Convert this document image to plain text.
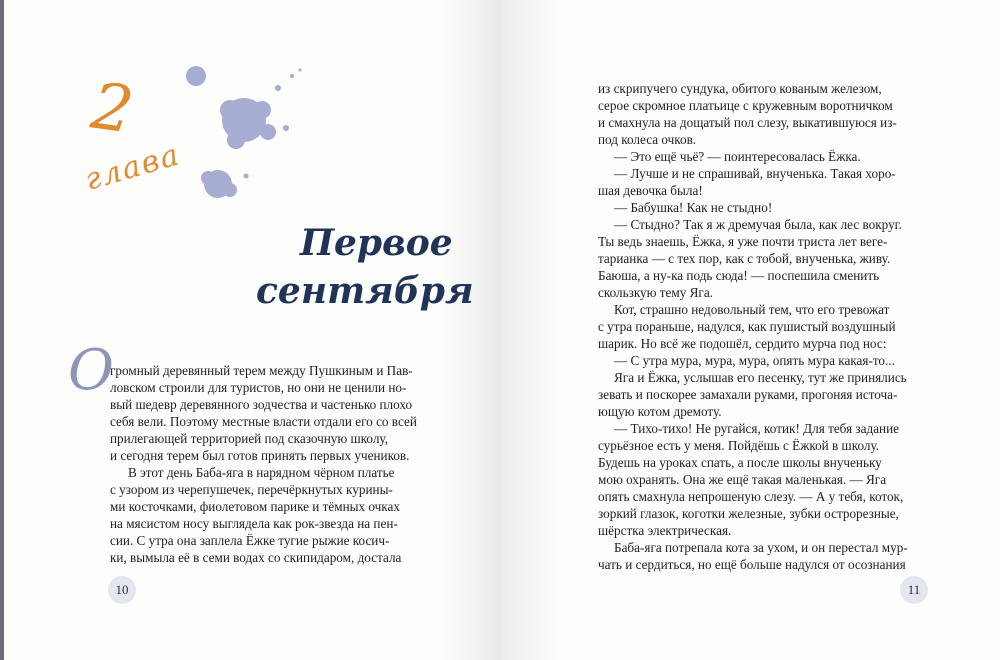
2
глава
Первое
сентября
О
громный деревянный терем между Пушкиным и Пав-
ловском строили для туристов, но они не ценили но-
вый шедевр деревянного зодчества и частенько плохо
себя вели. Поэтому местные власти отдали его со всей
прилегающей территорией под сказочную школу,
и сегодня терем был готов принять первых учеников.
В этот день Баба-яга в нарядном чёрном платье
с узором из черепушечек, перечёркнутых курины-
ми косточками, фиолетовом парике и тёмных очках
на мясистом носу выглядела как рок-звезда на пен-
сии. С утра она заплела Ёжке тугие рыжие косич-
ки, вымыла её в семи водах со скипидаром, достала
10
из скрипучего сундука, обитого кованым железом,
серое скромное платьице с кружевным воротничком
и смахнула на дощатый пол слезу, выкатившуюся из-
под колеса очков.
— Это ещё чьё? — поинтересовалась Ёжка.
— Лучше и не спрашивай, внученька. Такая хоро-
шая девочка была!
— Бабушка! Как не стыдно!
— Стыдно? Так я ж дремучая была, как лес вокруг.
Ты ведь знаешь, Ёжка, я уже почти триста лет веге-
тарианка — с тех пор, как с тобой, внученька, живу.
Баюша, а ну-ка подь сюда! — поспешила сменить
скользкую тему Яга.
Кот, страшно недовольный тем, что его тревожат
с утра пораньше, надулся, как пушистый воздушный
шарик. Но всё же подошёл, сердито мурча под нос:
— С утра мура, мура, мура, опять мура какая-то...
Яга и Ёжка, услышав его песенку, тут же принялись
зевать и поскорее замахали руками, прогоняя источа-
ющую котом дремоту.
— Тихо-тихо! Не ругайся, котик! Для тебя задание
сурьёзное есть у меня. Пойдёшь с Ёжкой в школу.
Будешь на уроках спать, а после школы внученьку
мою охранять. Она же ещё такая маленькая. — Яга
опять смахнула непрошеную слезу. — А у тебя, коток,
зоркий глазок, коготки железные, зубки острорезные,
шёрстка электрическая.
Баба-яга потрепала кота за ухом, и он перестал мур-
чать и сердиться, но ещё больше надулся от осознания
11
